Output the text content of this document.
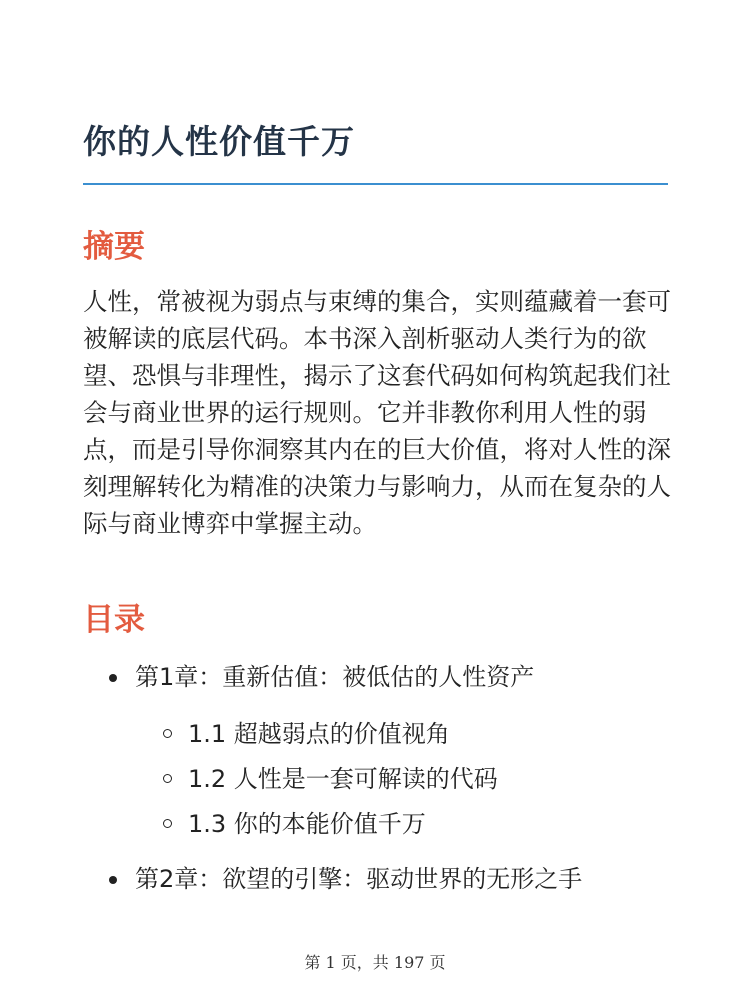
你的人性价值千万
摘要

人性，常被视为弱点与束缚的集合，实则蕴藏着一套可被解读的底层代码。本书深入剖析驱动人类行为的欲望、恐惧与非理性，揭示了这套代码如何构筑起我们社会与商业世界的运行规则。它并非教你利用人性的弱点，而是引导你洞察其内在的巨大价值，将对人性的深刻理解转化为精准的决策力与影响力，从而在复杂的人际与商业博弈中掌握主动。

目录
第1章：重新估值：被低估的人性资产
1.1 超越弱点的价值视角
1.2 人性是一套可解读的代码
1.3 你的本能价值千万
第2章：欲望的引擎：驱动世界的无形之手
第 1 页，共 197 页
